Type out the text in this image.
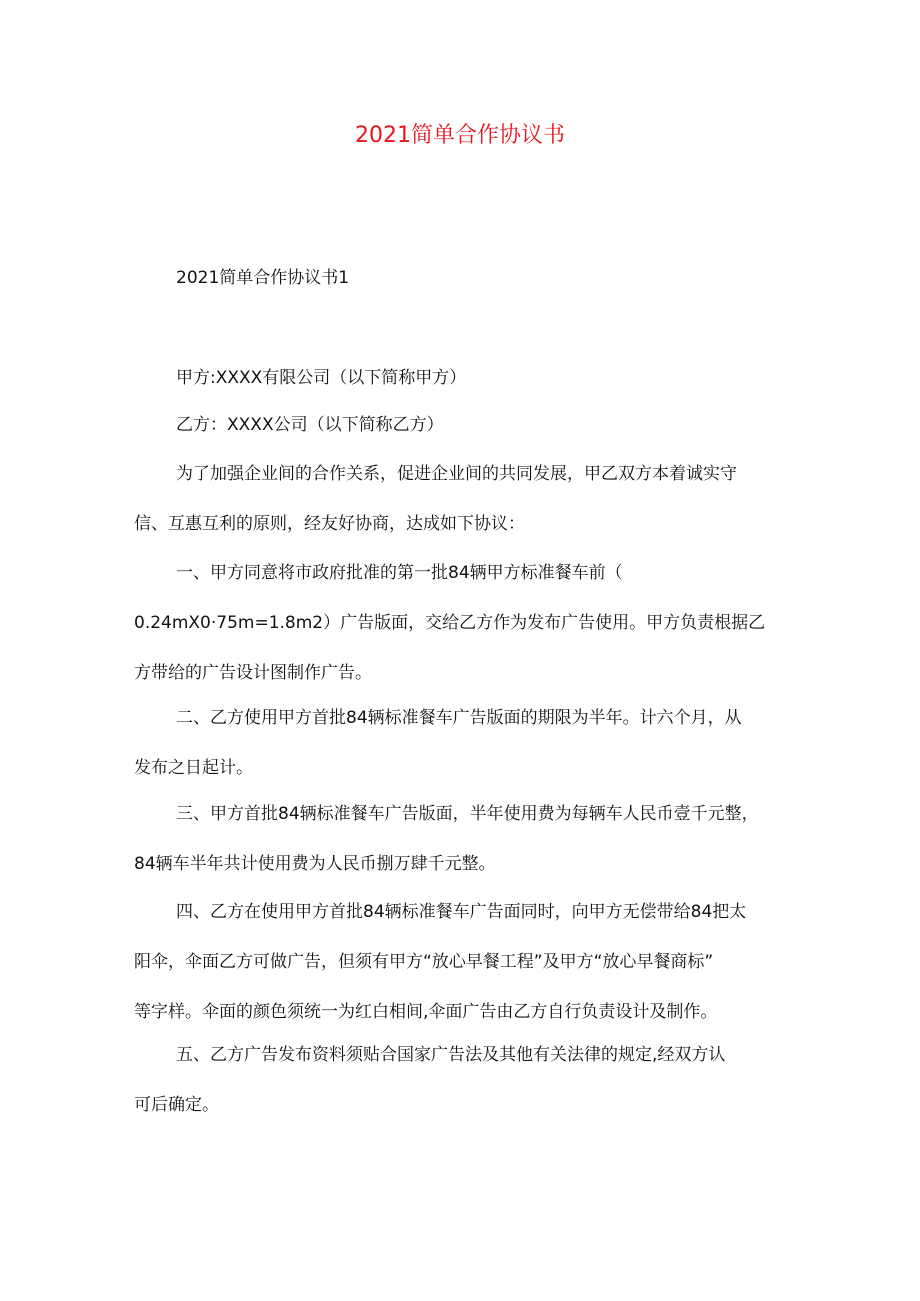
2021简单合作协议书

2021简单合作协议书1

甲方:XXXX有限公司（以下简称甲方）
乙方：XXXX公司（以下简称乙方）
为了加强企业间的合作关系，促进企业间的共同发展，甲乙双方本着诚实守
信、互惠互利的原则，经友好协商，达成如下协议：
一、甲方同意将市政府批准的第一批84辆甲方标准餐车前（
0.24mX0·75m=1.8m2）广告版面，交给乙方作为发布广告使用。甲方负责根据乙
方带给的广告设计图制作广告。
二、乙方使用甲方首批84辆标准餐车广告版面的期限为半年。计六个月，从
发布之日起计。
三、甲方首批84辆标准餐车广告版面，半年使用费为每辆车人民币壹千元整，
84辆车半年共计使用费为人民币捌万肆千元整。
四、乙方在使用甲方首批84辆标准餐车广告面同时，向甲方无偿带给84把太
阳伞，伞面乙方可做广告，但须有甲方“放心早餐工程”及甲方“放心早餐商标”
等字样。伞面的颜色须统一为红白相间,伞面广告由乙方自行负责设计及制作。
五、乙方广告发布资料须贴合国家广告法及其他有关法律的规定,经双方认
可后确定。
